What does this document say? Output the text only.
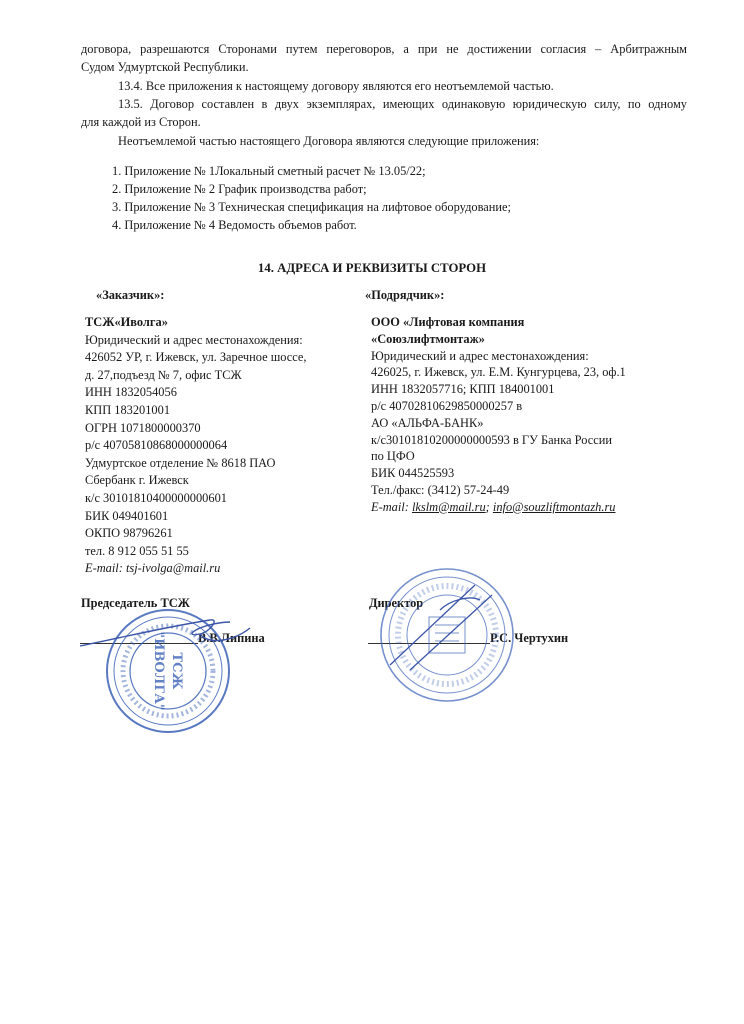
договора, разрешаются Сторонами путем переговоров, а при не достижении согласия – Арбитражным
Судом Удмуртской Республики.
13.4. Все приложения к настоящему договору являются его неотъемлемой частью.
13.5. Договор составлен в двух экземплярах, имеющих одинаковую юридическую силу, по одному
для каждой из Сторон.
Неотъемлемой частью настоящего Договора являются следующие приложения:
1. Приложение № 1Локальный сметный расчет № 13.05/22;
2. Приложение № 2 График производства работ;
3. Приложение № 3 Техническая спецификация на лифтовое оборудование;
4. Приложение № 4 Ведомость объемов работ.
14. АДРЕСА И РЕКВИЗИТЫ СТОРОН
«Заказчик»:	«Подрядчик»:
ТСЖ«Иволга»
Юридический и адрес местонахождения:
426052 УР, г. Ижевск, ул. Заречное шоссе,
д. 27,подъезд № 7, офис ТСЖ
ИНН 1832054056
КПП 183201001
ОГРН 1071800000370
р/с 40705810868000000064
Удмуртское отделение № 8618 ПАО
Сбербанк г. Ижевск
к/с 30101810400000000601
БИК 049401601
ОКПО 98796261
тел. 8 912 055 51 55
E-mail: tsj-ivolga@mail.ru
ООО «Лифтовая компания
«Союзлифтмонтаж»
Юридический и адрес местонахождения:
426025, г. Ижевск, ул. Е.М. Кунгурцева, 23, оф.1
ИНН 1832057716; КПП 184001001
р/с 40702810629850000257 в
АО «АЛЬФА-БАНК»
к/с30101810200000000593 в ГУ Банка России
по ЦФО
БИК 044525593
Тел./факс: (3412) 57-24-49
E-mail: lkslm@mail.ru; info@souzliftmontazh.ru
Председатель ТСЖ	Директор
В.В.Липина	Р.С. Чертухин
ТСЖ
"ИВОЛГА"
